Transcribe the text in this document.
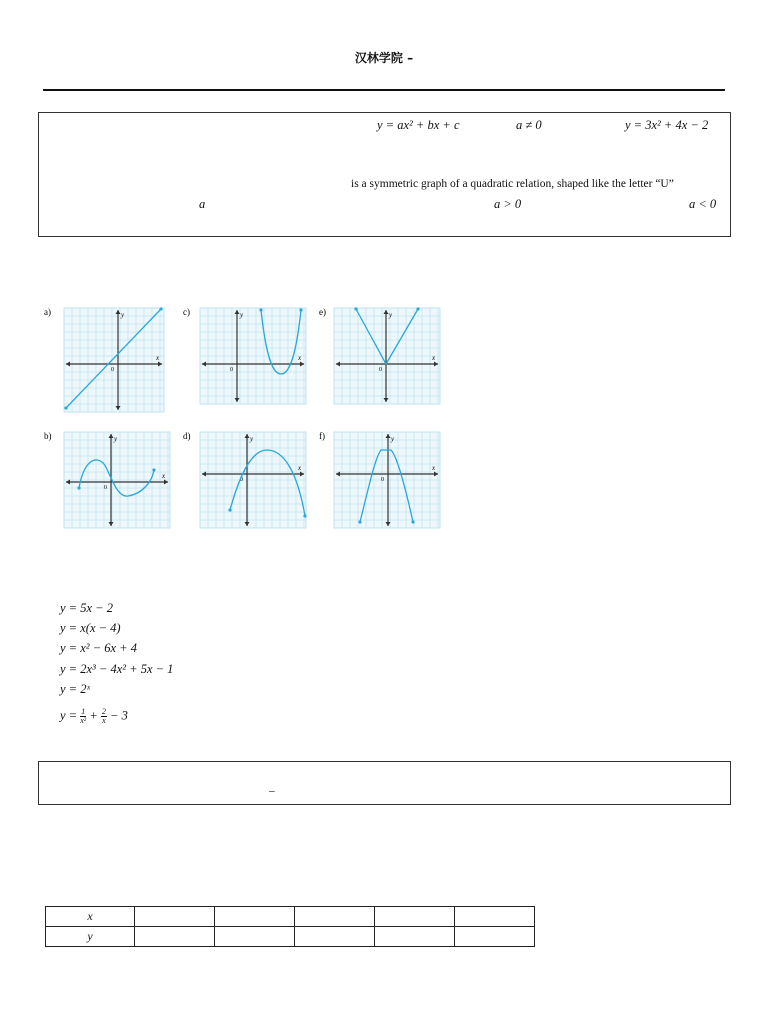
汉林学院 –
y = ax² + bx + c	a ≠ 0	y = 3x² + 4x − 2
is a symmetric graph of a quadratic relation, shaped like the letter “U”
a	a > 0	a < 0
a)
x
y
0
c)
x
y
0
e)
x
y
0
b)
x
y
0
d)
x
y
0
f)
x
y
0
y = 5x − 2
y = x(x − 4)
y = x² − 6x + 4
y = 2x³ − 4x² + 5x − 1
y = 2ˣ
$y = \frac{1}{\text{x²}} + \frac{2}{x} - 3$
–
x					
y					
